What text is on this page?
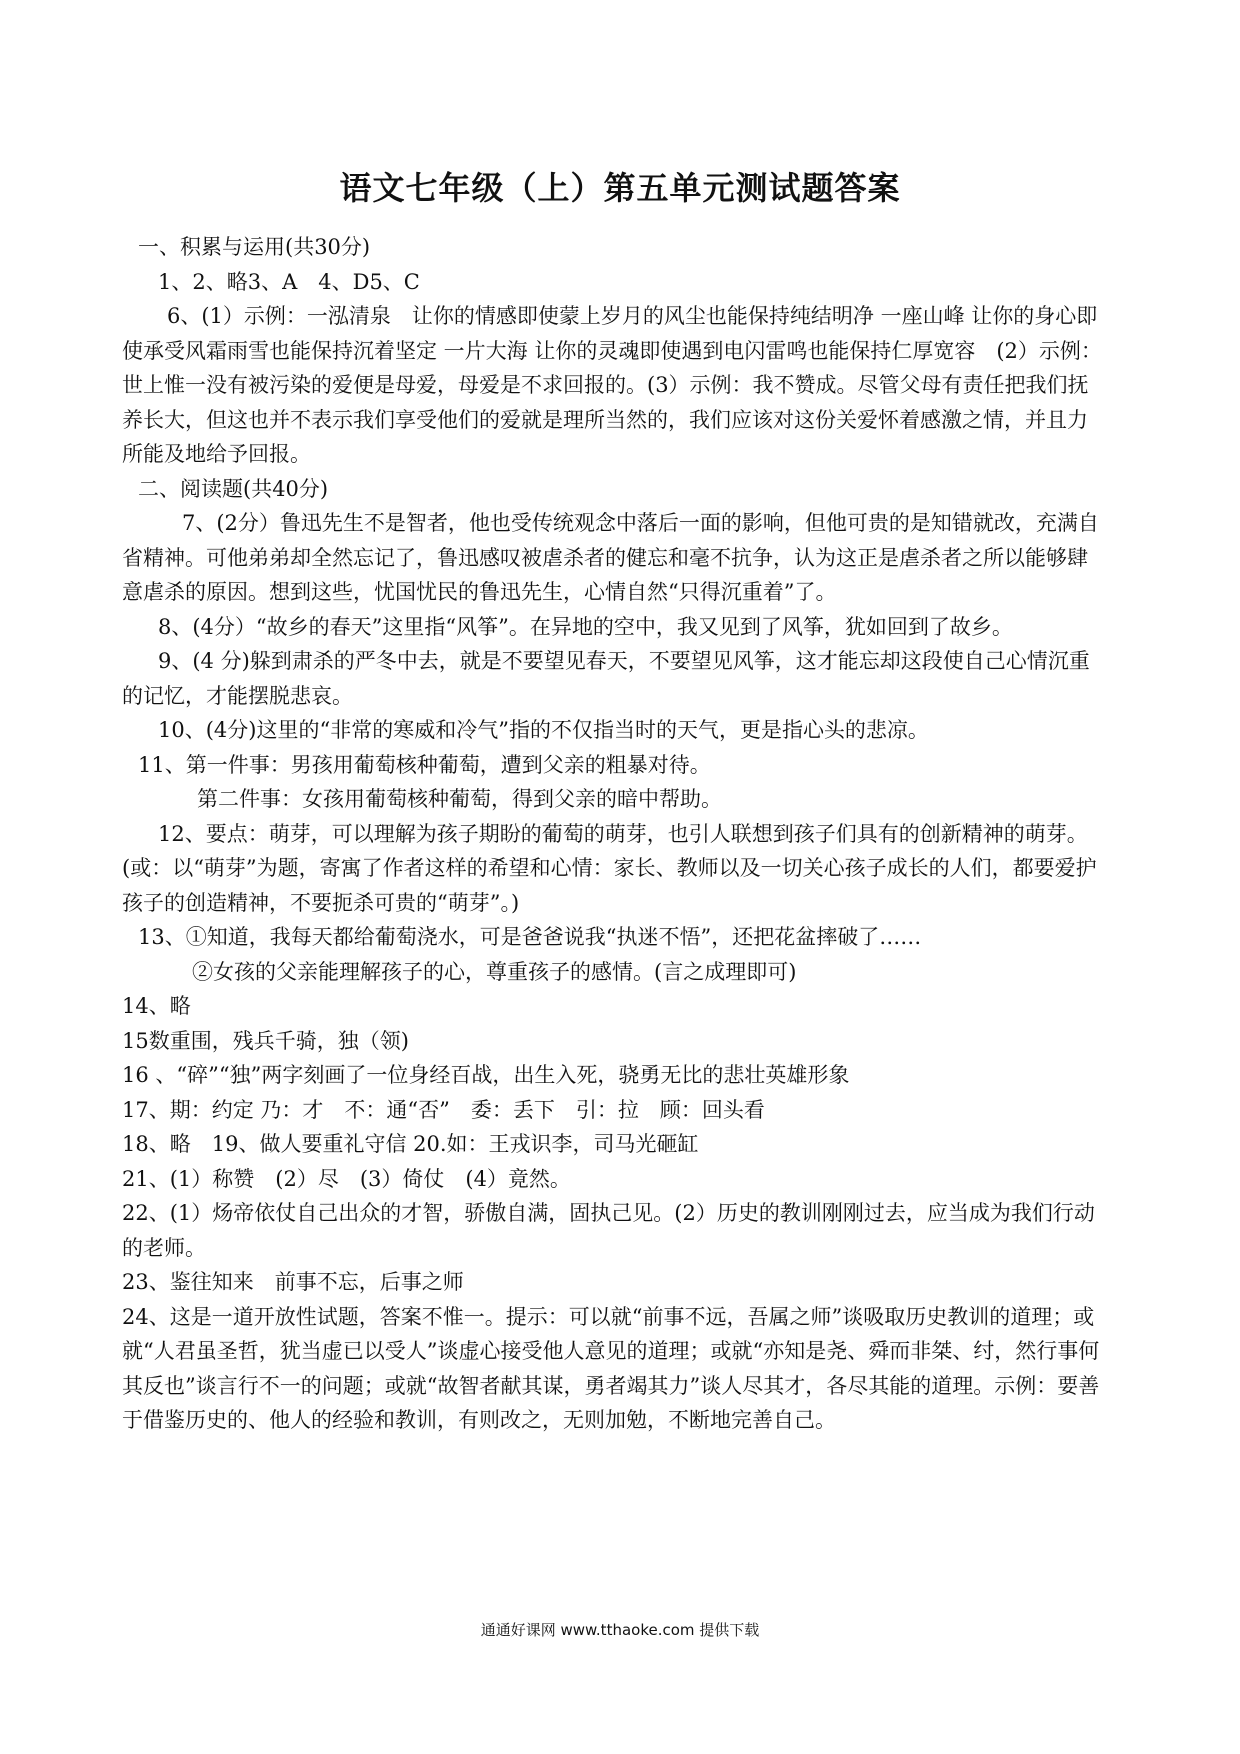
语文七年级（上）第五单元测试题答案

一、积累与运用(共30分)

1、2、略3、A　4、D5、C

6、(1）示例：一泓清泉　让你的情感即使蒙上岁月的风尘也能保持纯结明净 一座山峰 让你的身心即使承受风霜雨雪也能保持沉着坚定 一片大海 让你的灵魂即使遇到电闪雷鸣也能保持仁厚宽容　(2）示例：世上惟一没有被污染的爱便是母爱，母爱是不求回报的。(3）示例：我不赞成。尽管父母有责任把我们抚养长大，但这也并不表示我们享受他们的爱就是理所当然的，我们应该对这份关爱怀着感激之情，并且力所能及地给予回报。

二、阅读题(共40分)

7、(2分）鲁迅先生不是智者，他也受传统观念中落后一面的影响，但他可贵的是知错就改，充满自省精神。可他弟弟却全然忘记了，鲁迅感叹被虐杀者的健忘和毫不抗争，认为这正是虐杀者之所以能够肆意虐杀的原因。想到这些，忧国忧民的鲁迅先生，心情自然“只得沉重着”了。

8、(4分）“故乡的春天”这里指“风筝”。在异地的空中，我又见到了风筝，犹如回到了故乡。

9、(4 分)躲到肃杀的严冬中去，就是不要望见春天，不要望见风筝，这才能忘却这段使自己心情沉重的记忆，才能摆脱悲哀。

10、(4分)这里的“非常的寒威和冷气”指的不仅指当时的天气，更是指心头的悲凉。

11、第一件事：男孩用葡萄核种葡萄，遭到父亲的粗暴对待。

第二件事：女孩用葡萄核种葡萄，得到父亲的暗中帮助。

12、要点：萌芽，可以理解为孩子期盼的葡萄的萌芽，也引人联想到孩子们具有的创新精神的萌芽。(或：以“萌芽”为题，寄寓了作者这样的希望和心情：家长、教师以及一切关心孩子成长的人们，都要爱护孩子的创造精神，不要扼杀可贵的“萌芽”。)

13、①知道，我每天都给葡萄浇水，可是爸爸说我“执迷不悟”，还把花盆摔破了……

②女孩的父亲能理解孩子的心，尊重孩子的感情。(言之成理即可)

14、略

15数重围，残兵千骑，独（领)

16 、“碎”“独”两字刻画了一位身经百战，出生入死，骁勇无比的悲壮英雄形象

17、期：约定 乃：才　不：通“否”　委：丢下　引：拉　顾：回头看

18、略　19、做人要重礼守信 20.如：王戎识李，司马光砸缸

21、(1）称赞　(2）尽　(3）倚仗　(4）竟然。

22、(1）炀帝依仗自己出众的才智，骄傲自满，固执己见。(2）历史的教训刚刚过去，应当成为我们行动的老师。

23、鉴往知来　前事不忘，后事之师

24、这是一道开放性试题，答案不惟一。提示：可以就“前事不远，吾属之师”谈吸取历史教训的道理；或就“人君虽圣哲，犹当虚已以受人”谈虚心接受他人意见的道理；或就“亦知是尧、舜而非桀、纣，然行事何其反也”谈言行不一的问题；或就“故智者献其谋，勇者竭其力”谈人尽其才，各尽其能的道理。示例：要善于借鉴历史的、他人的经验和教训，有则改之，无则加勉，不断地完善自己。

通通好课网 www.tthaoke.com 提供下载
